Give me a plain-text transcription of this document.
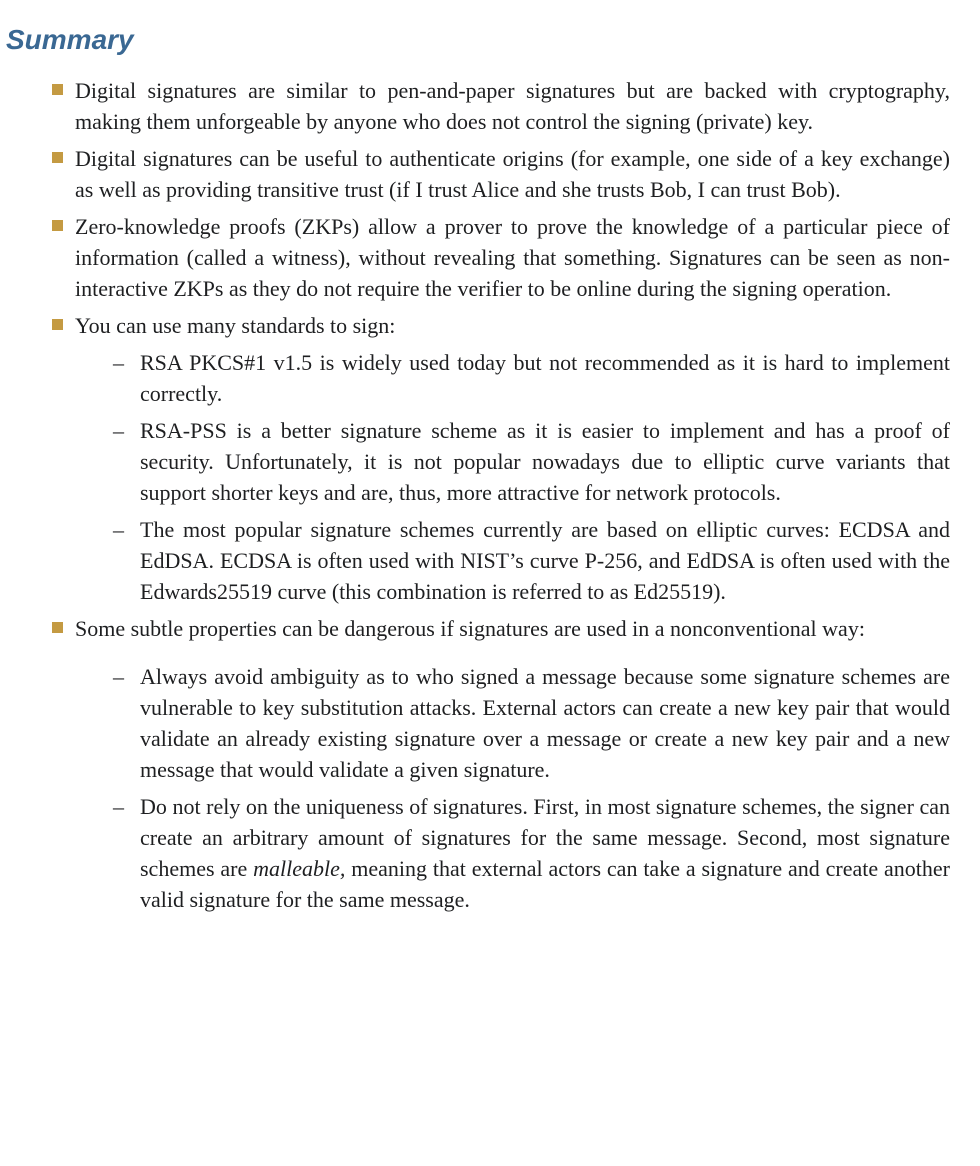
Summary

Digital signatures are similar to pen-and-paper signatures but are backed with cryptography, making them unforgeable by anyone who does not control the signing (private) key.

Digital signatures can be useful to authenticate origins (for example, one side of a key exchange) as well as providing transitive trust (if I trust Alice and she trusts Bob, I can trust Bob).

Zero-knowledge proofs (ZKPs) allow a prover to prove the knowledge of a particular piece of information (called a witness), without revealing that something. Signatures can be seen as non-interactive ZKPs as they do not require the verifier to be online during the signing operation.

You can use many standards to sign:

– RSA PKCS#1 v1.5 is widely used today but not recommended as it is hard to implement correctly.

– RSA-PSS is a better signature scheme as it is easier to implement and has a proof of security. Unfortunately, it is not popular nowadays due to elliptic curve variants that support shorter keys and are, thus, more attractive for network protocols.

– The most popular signature schemes currently are based on elliptic curves: ECDSA and EdDSA. ECDSA is often used with NIST’s curve P-256, and EdDSA is often used with the Edwards25519 curve (this combination is referred to as Ed25519).

Some subtle properties can be dangerous if signatures are used in a nonconventional way:

– Always avoid ambiguity as to who signed a message because some signature schemes are vulnerable to key substitution attacks. External actors can create a new key pair that would validate an already existing signature over a message or create a new key pair and a new message that would validate a given signature.

– Do not rely on the uniqueness of signatures. First, in most signature schemes, the signer can create an arbitrary amount of signatures for the same message. Second, most signature schemes are malleable, meaning that external actors can take a signature and create another valid signature for the same message.
